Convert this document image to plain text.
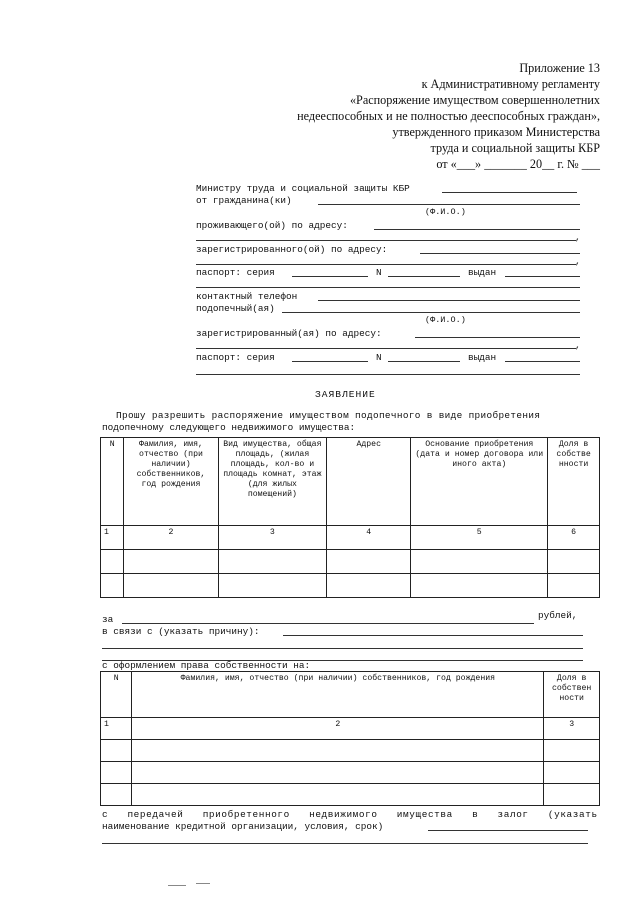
Приложение 13
к Административному регламенту
«Распоряжение имуществом совершеннолетних
недееспособных и не полностью дееспособных граждан»,
утвержденного приказом Министерства
труда и социальной защиты КБР
от «___» _______ 20__ г. № ___
Министру труда и социальной защиты КБР
от гражданина(ки)
(Ф.И.О.)
проживающего(ой) по адресу:
,
зарегистрированного(ой) по адресу:
,
паспорт: серия	N	выдан
контактный телефон
подопечный(ая)
(Ф.И.О.)
зарегистрированный(ая) по адресу:
,
паспорт: серия	N	выдан
ЗАЯВЛЕНИЕ
Прошу разрешить распоряжение имуществом подопечного в виде приобретения
подопечному следующего недвижимого имущества:
N	Фамилия, имя, отчество (при наличии) собственников, год рождения	Вид имущества, общая площадь, (жилая площадь, кол-во и площадь комнат, этаж (для жилых помещений)	Адрес	Основание приобретения (дата и номер договора или иного акта)	Доля в собстве нности
1	2	3	4	5	6

за	рублей,
в связи с (указать причину):
с оформлением права собственности на:
N	Фамилия, имя, отчество (при наличии) собственников, год рождения	Доля в собствен ности
1	2	3

с передачей приобретенного недвижимого имущества в залог (указать
наименование кредитной организации, условия, срок)
